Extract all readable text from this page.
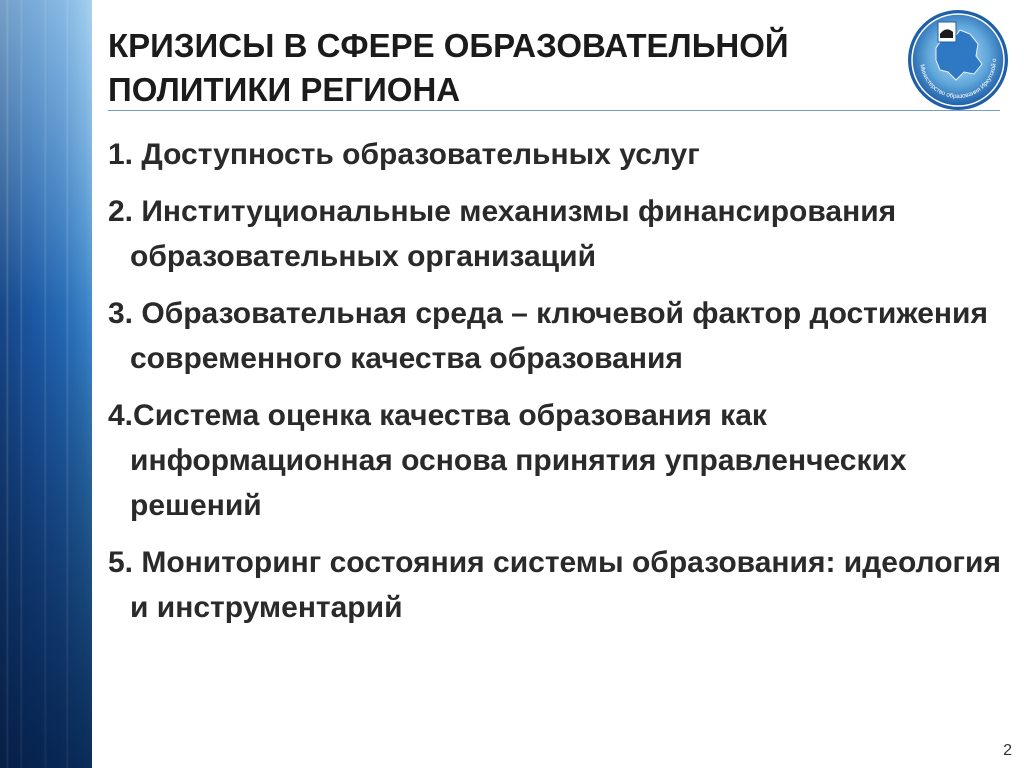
КРИЗИСЫ В СФЕРЕ ОБРАЗОВАТЕЛЬНОЙ
ПОЛИТИКИ РЕГИОНА
Министерство образования Иркутской о
1. Доступность образовательных услуг
2. Институциональные механизмы финансирования образовательных организаций
3. Образовательная среда – ключевой фактор достижения современного качества образования
4.Система оценка качества образования как информационная основа принятия управленческих решений
5. Мониторинг состояния системы образования: идеология и инструментарий
2
